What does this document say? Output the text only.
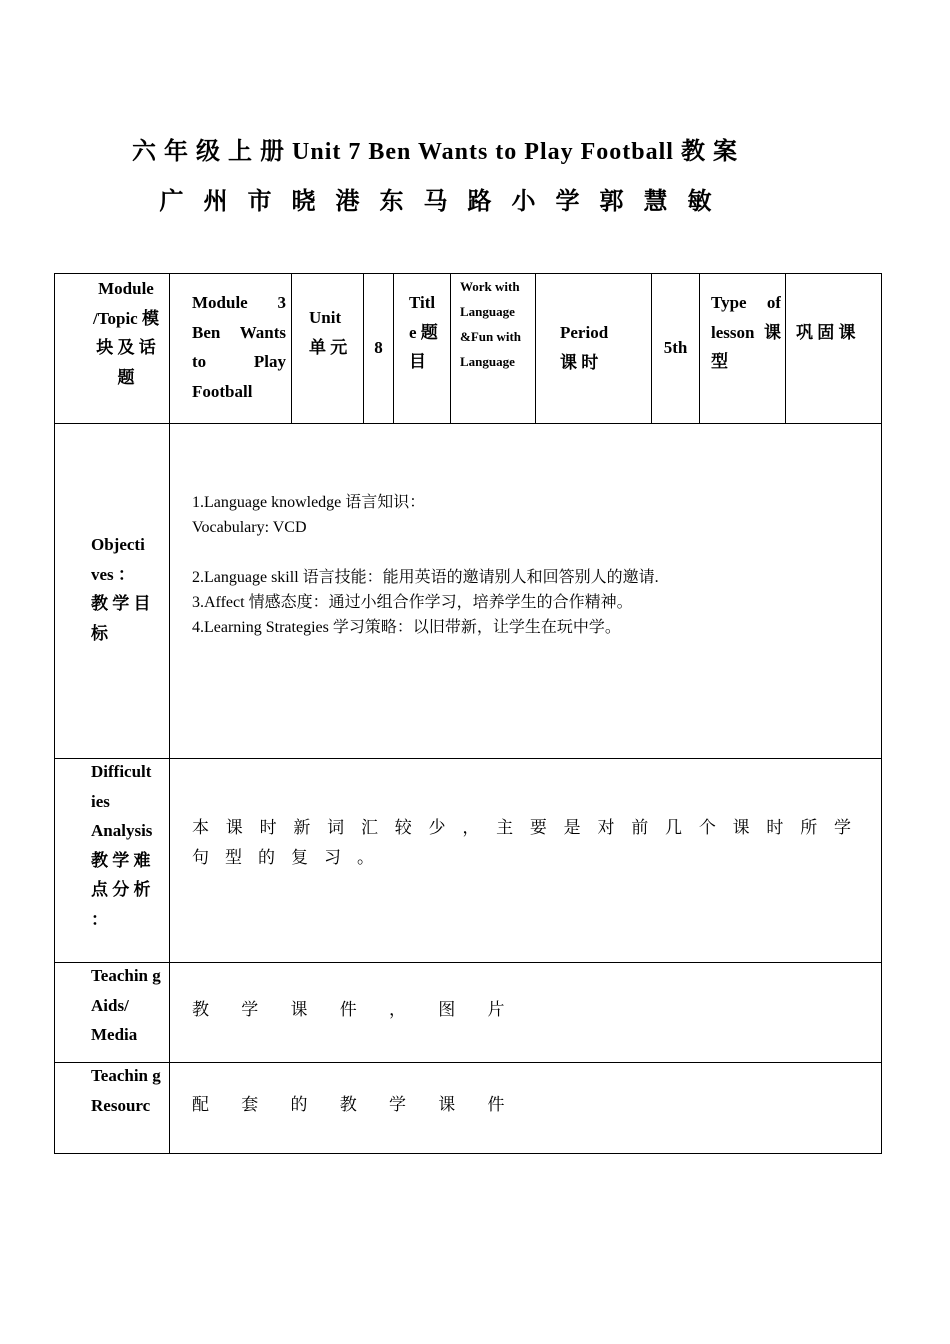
六 年 级 上 册 Unit 7 Ben Wants to Play Football 教 案
广 州 市 晓 港 东 马 路 小 学 郭 慧 敏
Module /Topic 模 块 及 话 题
Module 3 Ben Wants to Play Football
Unit 单 元	8
Titl e 题 目
Work with Language &Fun with Language
Period 课 时
5th
Type of lesson 课 型
巩 固 课
Objecti ves ： 教 学 目 标
1.Language knowledge 语言知识：
Vocabulary: VCD
2.Language skill 语言技能：能用英语的邀请别人和回答别人的邀请.
3.Affect 情感态度：通过小组合作学习，培养学生的合作精神。
4.Learning Strategies 学习策略：以旧带新，让学生在玩中学。
Difficult ies Analysis 教 学 难 点 分 析 ：
本课时新词汇较少，主要是对前几个课时所学句型的复习。
Teachin g Aids/ Media
教 学 课 件 ， 图 片
Teachin g Resourc	配 套 的 教 学 课 件
